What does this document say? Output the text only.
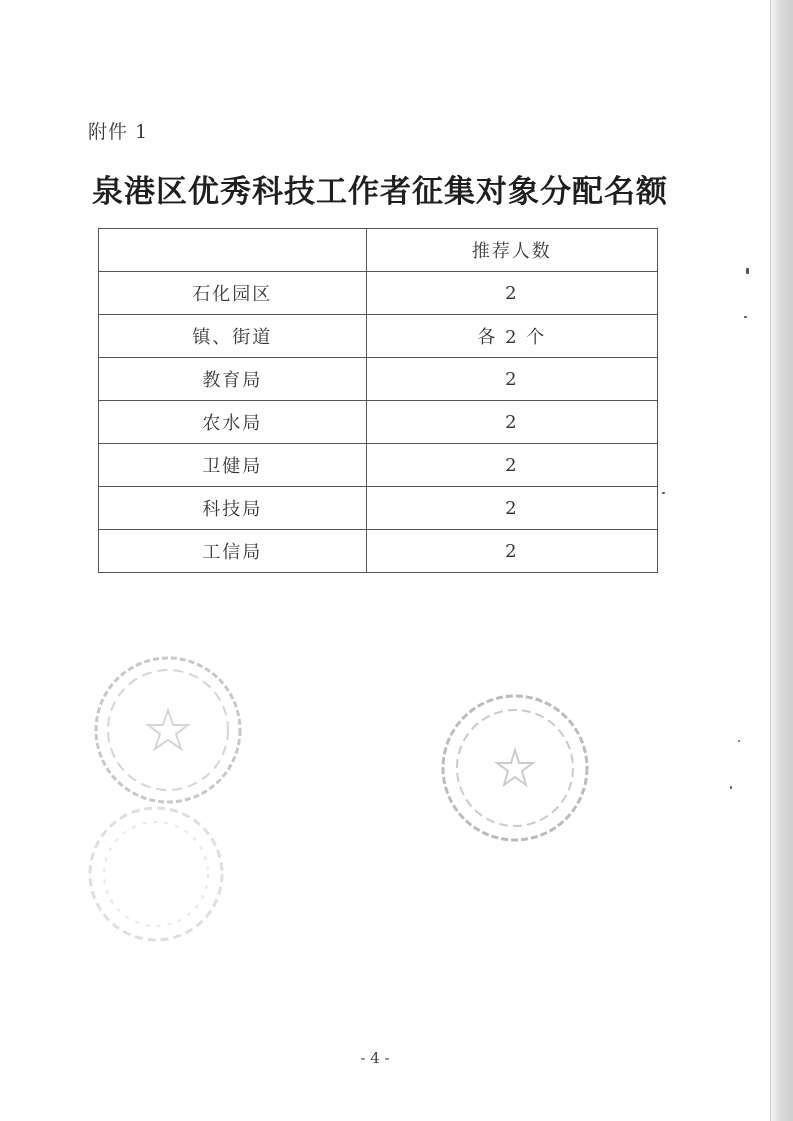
附件 1
泉港区优秀科技工作者征集对象分配名额
	推荐人数
石化园区	2
镇、街道	各 2 个
教育局	2
农水局	2
卫健局	2
科技局	2
工信局	2
- 4 -
